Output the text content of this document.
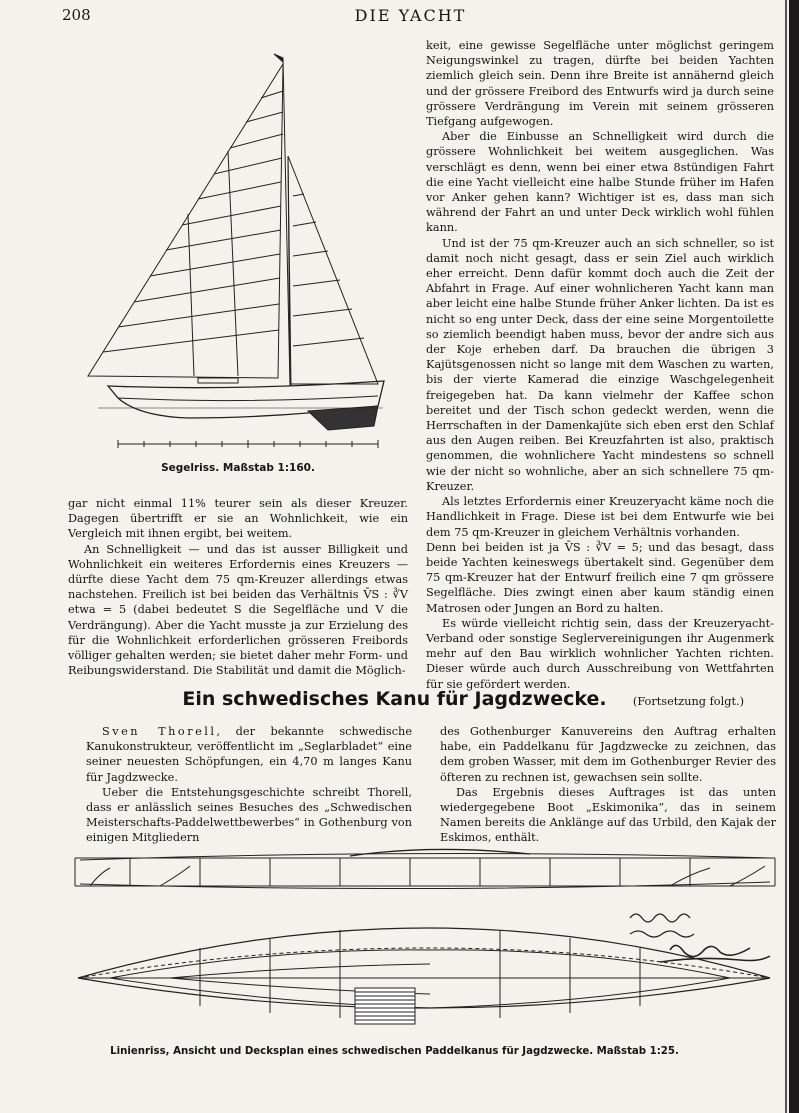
208	DIE YACHT
Segelriss. Maßstab 1:160.

gar nicht einmal 11% teurer sein als dieser Kreuzer. Dagegen übertrifft er sie an Wohnlichkeit, wie ein Vergleich mit ihnen ergibt, bei weitem.

An Schnelligkeit — und das ist ausser Billigkeit und Wohnlichkeit ein weiteres Erfordernis eines Kreuzers — dürfte diese Yacht dem 75 qm-Kreuzer allerdings etwas nachstehen. Freilich ist bei beiden das Verhältnis V̄S : ∛V etwa = 5 (dabei bedeutet S die Segelfläche und V die Verdrängung). Aber die Yacht musste ja zur Erzielung des für die Wohnlichkeit erforderlichen grösseren Freibords völliger gehalten werden; sie bietet daher mehr Form- und Reibungswiderstand. Die Stabilität und damit die Möglich-

keit, eine gewisse Segelfläche unter möglichst geringem Neigungswinkel zu tragen, dürfte bei beiden Yachten ziemlich gleich sein. Denn ihre Breite ist annähernd gleich und der grössere Freibord des Entwurfs wird ja durch seine grössere Verdrängung im Verein mit seinem grösseren Tiefgang aufgewogen.

Aber die Einbusse an Schnelligkeit wird durch die grössere Wohnlichkeit bei weitem ausgeglichen. Was verschlägt es denn, wenn bei einer etwa 8stündigen Fahrt die eine Yacht vielleicht eine halbe Stunde früher im Hafen vor Anker gehen kann? Wichtiger ist es, dass man sich während der Fahrt an und unter Deck wirklich wohl fühlen kann.

Und ist der 75 qm-Kreuzer auch an sich schneller, so ist damit noch nicht gesagt, dass er sein Ziel auch wirklich eher erreicht. Denn dafür kommt doch auch die Zeit der Abfahrt in Frage. Auf einer wohnlicheren Yacht kann man aber leicht eine halbe Stunde früher Anker lichten. Da ist es nicht so eng unter Deck, dass der eine seine Morgentoilette so ziemlich beendigt haben muss, bevor der andre sich aus der Koje erheben darf. Da brauchen die übrigen 3 Kajütsgenossen nicht so lange mit dem Waschen zu warten, bis der vierte Kamerad die einzige Waschgelegenheit freigegeben hat. Da kann vielmehr der Kaffee schon bereitet und der Tisch schon gedeckt werden, wenn die Herrschaften in der Damenkajüte sich eben erst den Schlaf aus den Augen reiben. Bei Kreuzfahrten ist also, praktisch genommen, die wohnlichere Yacht mindestens so schnell wie der nicht so wohnliche, aber an sich schnellere 75 qm-Kreuzer.

Als letztes Erfordernis einer Kreuzeryacht käme noch die Handlichkeit in Frage. Diese ist bei dem Entwurfe wie bei dem 75 qm-Kreuzer in gleichem Verhältnis vorhanden.

Denn bei beiden ist ja V̄S : ∛V = 5; und das besagt, dass beide Yachten keineswegs übertakelt sind. Gegenüber dem 75 qm-Kreuzer hat der Entwurf freilich eine 7 qm grössere Segelfläche. Dies zwingt einen aber kaum ständig einen Matrosen oder Jungen an Bord zu halten.

Es würde vielleicht richtig sein, dass der Kreuzeryacht-Verband oder sonstige Seglervereinigungen ihr Augenmerk mehr auf den Bau wirklich wohnlicher Yachten richten. Dieser würde auch durch Ausschreibung von Wettfahrten für sie gefördert werden.

(Fortsetzung folgt.)
Ein schwedisches Kanu für Jagdzwecke.

Sven Thorell, der bekannte schwedische Kanukonstrukteur, veröffentlicht im „Seglarbladet“ eine seiner neuesten Schöpfungen, ein 4,70 m langes Kanu für Jagdzwecke.

Ueber die Entstehungsgeschichte schreibt Thorell, dass er anlässlich seines Besuches des „Schwedischen Meisterschafts-Paddelwettbewerbes“ in Gothenburg von einigen Mitgliedern

des Gothenburger Kanuvereins den Auftrag erhalten habe, ein Paddelkanu für Jagdzwecke zu zeichnen, das dem groben Wasser, mit dem im Gothenburger Revier des öfteren zu rechnen ist, gewachsen sein sollte.

Das Ergebnis dieses Auftrages ist das unten wiedergegebene Boot „Eskimonika“, das in seinem Namen bereits die Anklänge auf das Urbild, den Kajak der Eskimos, enthält.

Linienriss, Ansicht und Decksplan eines schwedischen Paddelkanus für Jagdzwecke. Maßstab 1:25.
